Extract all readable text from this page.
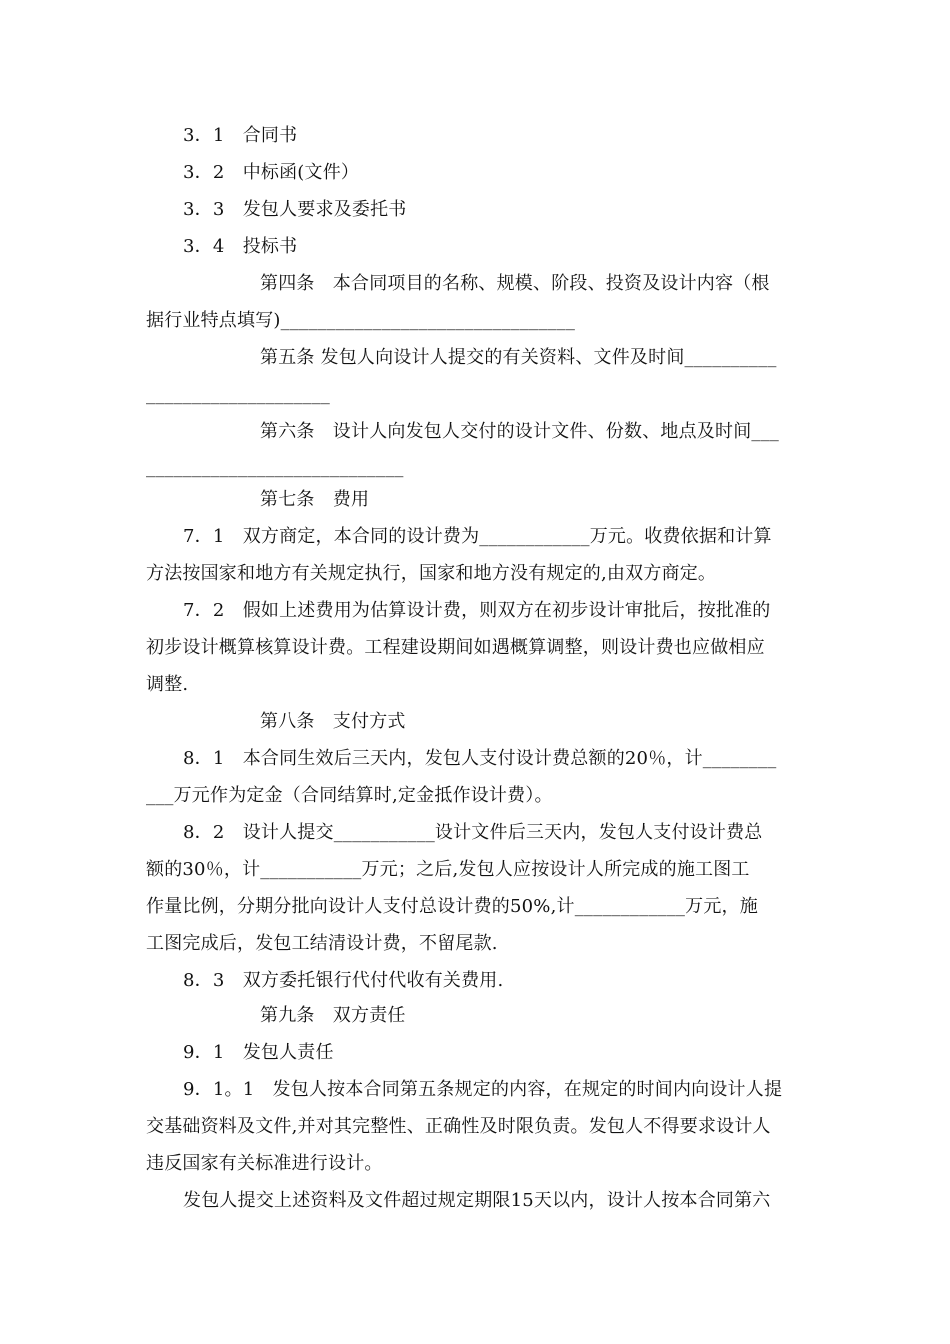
3．1　合同书
3．2　中标函(文件）
3．3　发包人要求及委托书
3．4　投标书
第四条　本合同项目的名称、规模、阶段、投资及设计内容（根
据行业特点填写)________________________________
第五条 发包人向设计人提交的有关资料、文件及时间__________
____________________
第六条　设计人向发包人交付的设计文件、份数、地点及时间___
____________________________
第七条　费用
7．1　双方商定，本合同的设计费为____________万元。收费依据和计算
方法按国家和地方有关规定执行，国家和地方没有规定的,由双方商定。
7．2　假如上述费用为估算设计费，则双方在初步设计审批后，按批准的
初步设计概算核算设计费。工程建设期间如遇概算调整，则设计费也应做相应
调整.
第八条　支付方式
8．1　本合同生效后三天内，发包人支付设计费总额的20％，计________
___万元作为定金（合同结算时,定金抵作设计费）。
8．2　设计人提交___________设计文件后三天内，发包人支付设计费总
额的30％，计___________万元；之后,发包人应按设计人所完成的施工图工
作量比例，分期分批向设计人支付总设计费的50%,计____________万元，施
工图完成后，发包工结清设计费，不留尾款.
8．3　双方委托银行代付代收有关费用.
第九条　双方责任
9．1　发包人责任
9．1。1　发包人按本合同第五条规定的内容，在规定的时间内向设计人提
交基础资料及文件,并对其完整性、正确性及时限负责。发包人不得要求设计人
违反国家有关标准进行设计。
发包人提交上述资料及文件超过规定期限15天以内，设计人按本合同第六
